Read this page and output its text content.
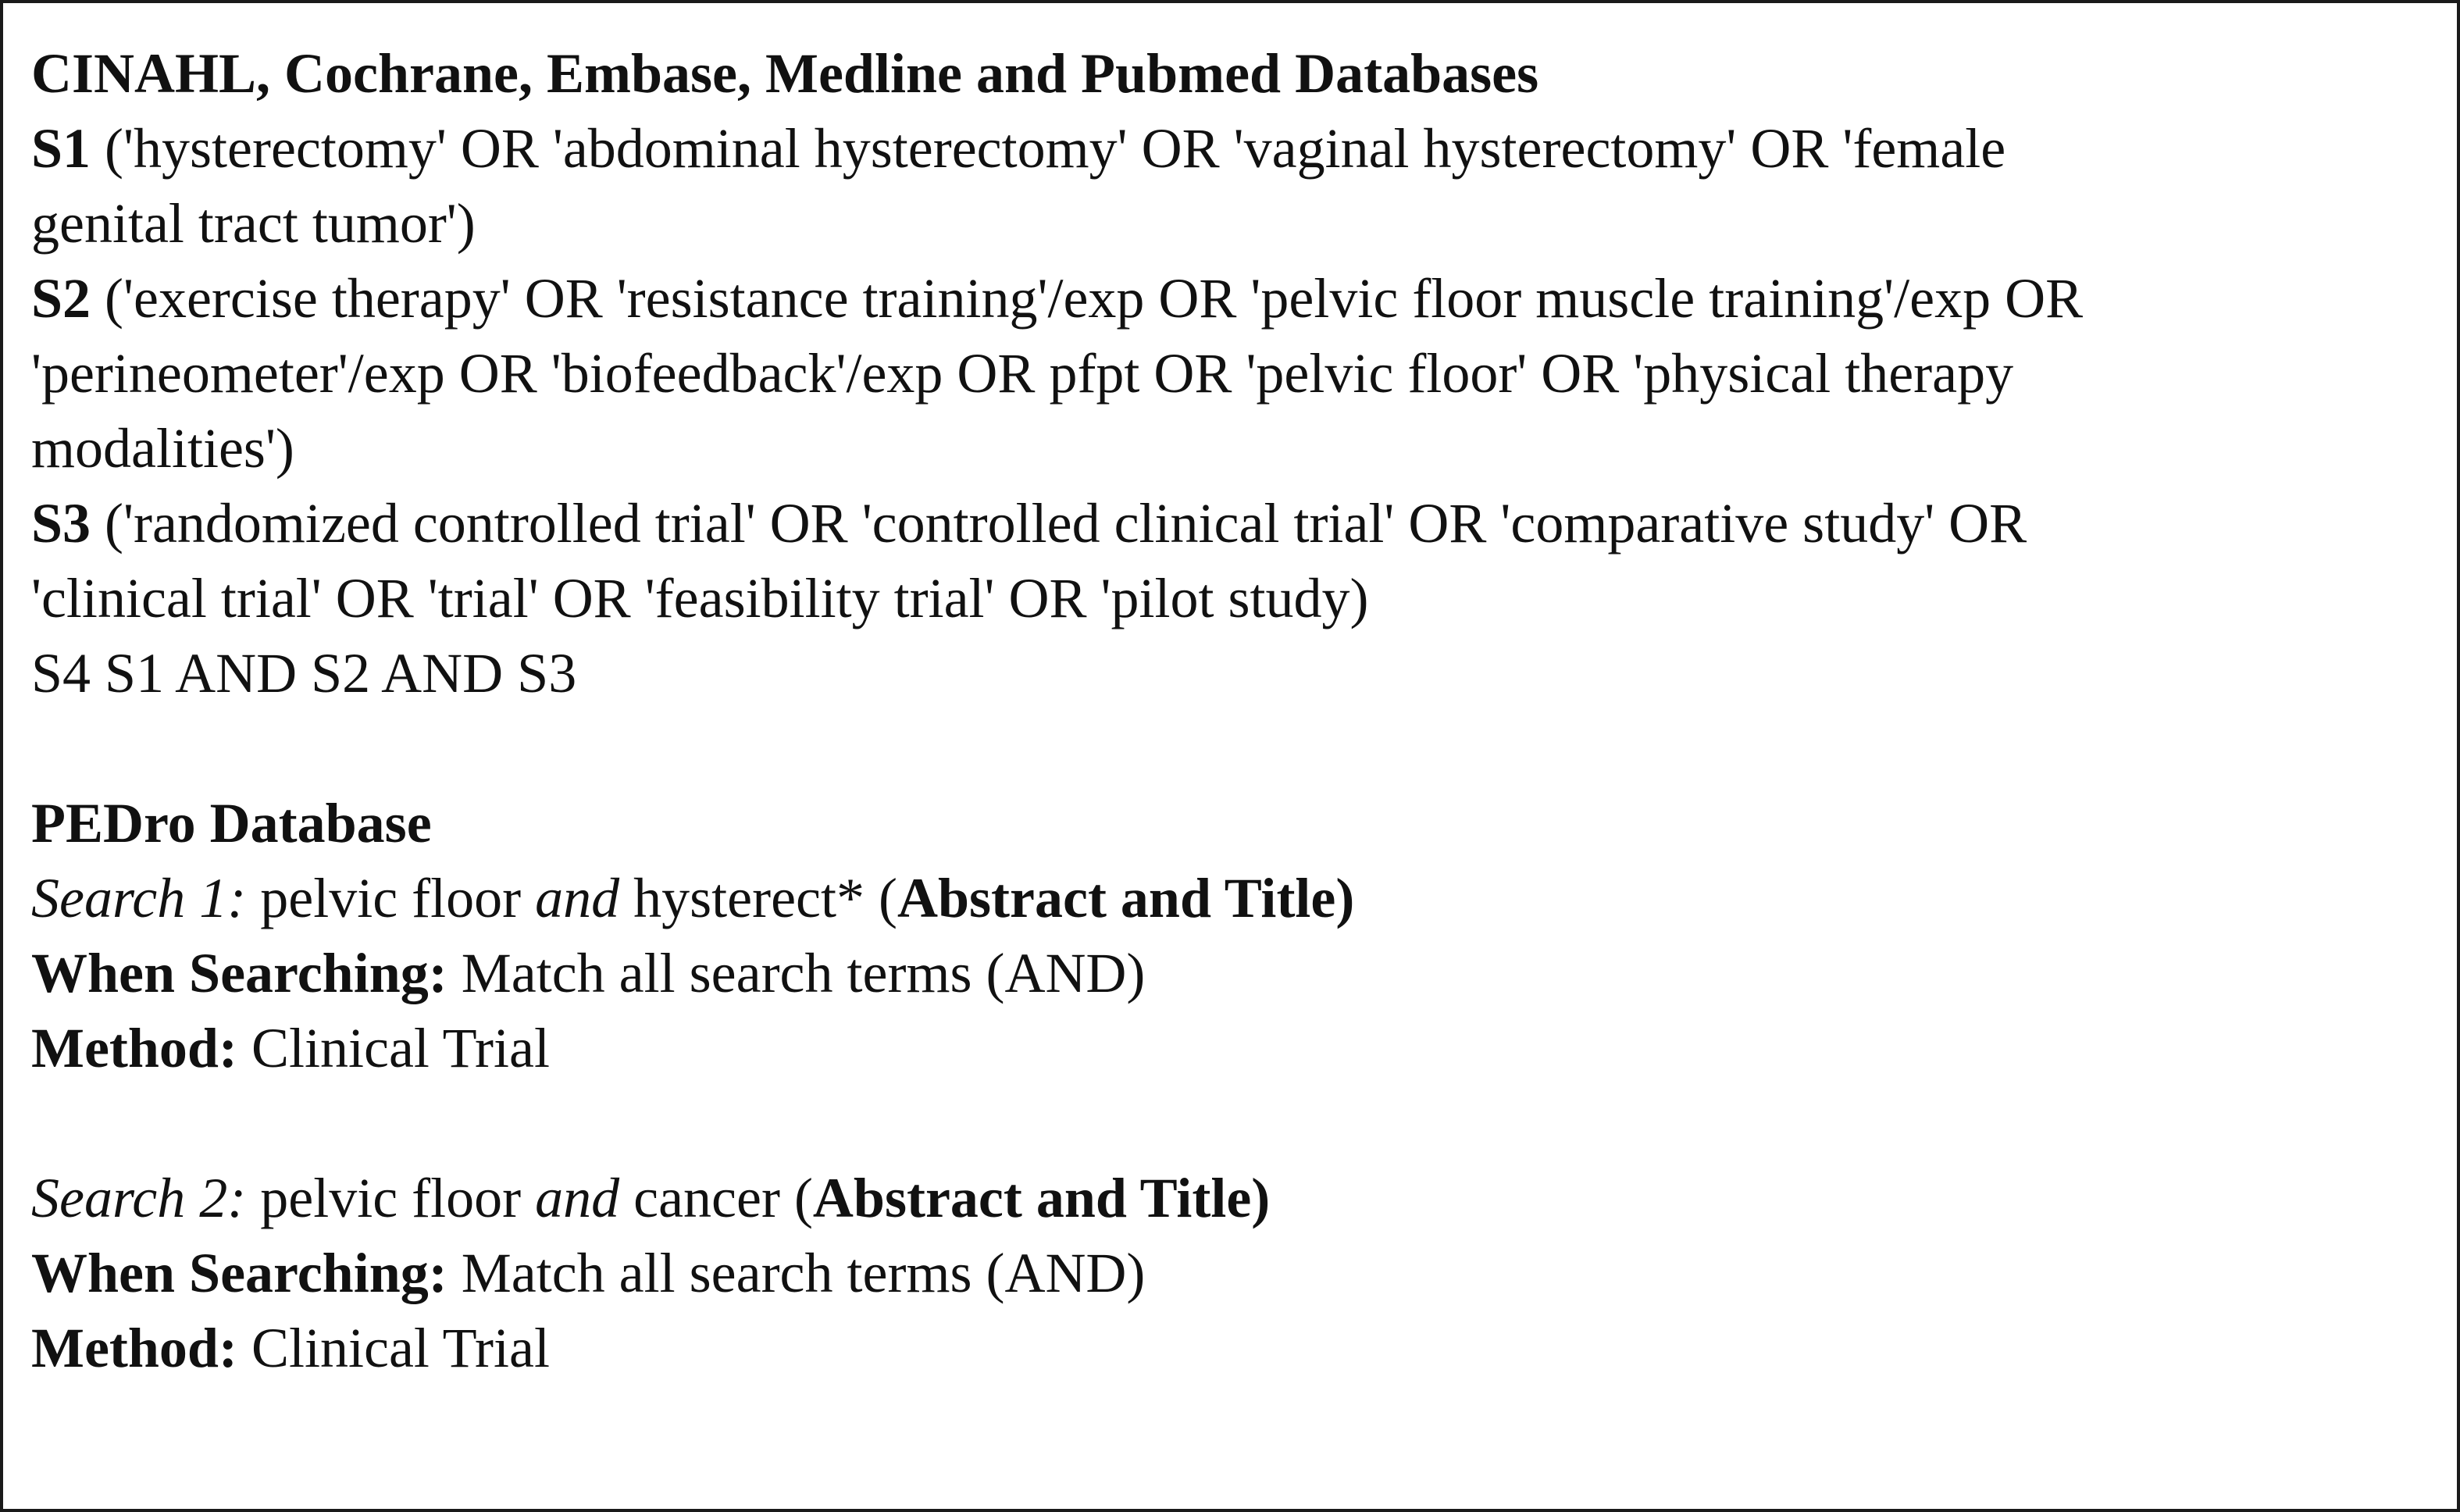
CINAHL, Cochrane, Embase, Medline and Pubmed Databases
S1 ('hysterectomy' OR 'abdominal hysterectomy' OR 'vaginal hysterectomy' OR 'female
genital tract tumor')
S2 ('exercise therapy' OR 'resistance training'/exp OR 'pelvic floor muscle training'/exp OR
'perineometer'/exp OR 'biofeedback'/exp OR pfpt OR 'pelvic floor' OR 'physical therapy
modalities')
S3 ('randomized controlled trial' OR 'controlled clinical trial' OR 'comparative study' OR
'clinical trial' OR 'trial' OR 'feasibility trial' OR 'pilot study)
S4 S1 AND S2 AND S3
PEDro Database
Search 1: pelvic floor and hysterect* (Abstract and Title)
When Searching: Match all search terms (AND)
Method: Clinical Trial
Search 2: pelvic floor and cancer (Abstract and Title)
When Searching: Match all search terms (AND)
Method: Clinical Trial
